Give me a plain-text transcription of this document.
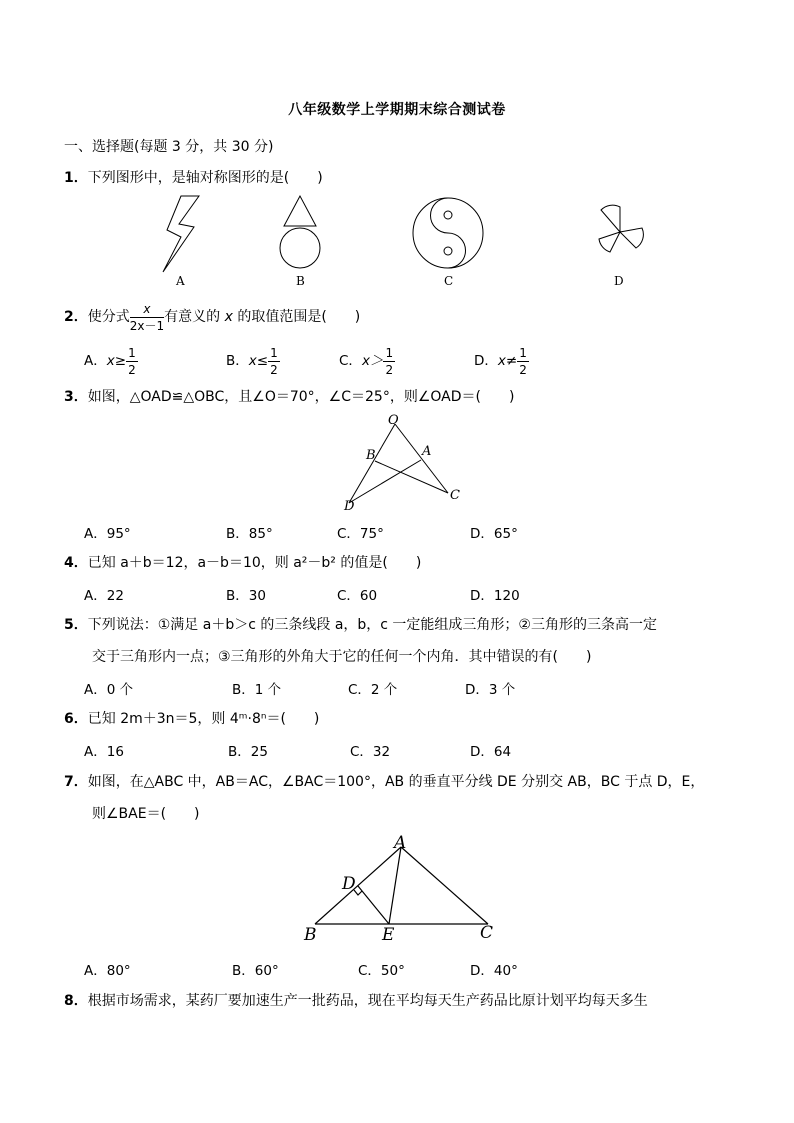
八年级数学上学期期末综合测试卷
一、选择题(每题 3 分，共 30 分)
1．下列图形中，是轴对称图形的是(　　)
A	B	C	D
2．使分式 $\frac{x}{2x-1}$ 有意义的 x 的取值范围是(　　)
A．$x\ge \frac{1}{2}$	B．$x\le \frac{1}{2}$	C．$x> \frac{1}{2}$	D．$x\ne \frac{1}{2}$
3．如图，△OAD≌△OBC，且∠O＝70°，∠C＝25°，则∠OAD＝(　　)
O
B	A
D
C
A．95°	B．85°	C．75°	D．65°
4．已知 a＋b＝12，a－b＝10，则 a²－b² 的值是(　　)
A．22	B．30	C．60	D．120
5．下列说法：①满足 a＋b＞c 的三条线段 a，b，c 一定能组成三角形；②三角形的三条高一定
交于三角形内一点；③三角形的外角大于它的任何一个内角．其中错误的有(　　)
A．0 个	B．1 个	C．2 个	D．3 个
6．已知 2m＋3n＝5，则 4ᵐ·8ⁿ＝(　　)
A．16	B．25	C．32	D．64
7．如图，在△ABC 中，AB＝AC，∠BAC＝100°，AB 的垂直平分线 DE 分别交 AB，BC 于点 D，E，
则∠BAE＝(　　)
A
D
B	E	C
A．80°	B．60°	C．50°	D．40°
8．根据市场需求，某药厂要加速生产一批药品，现在平均每天生产药品比原计划平均每天多生
